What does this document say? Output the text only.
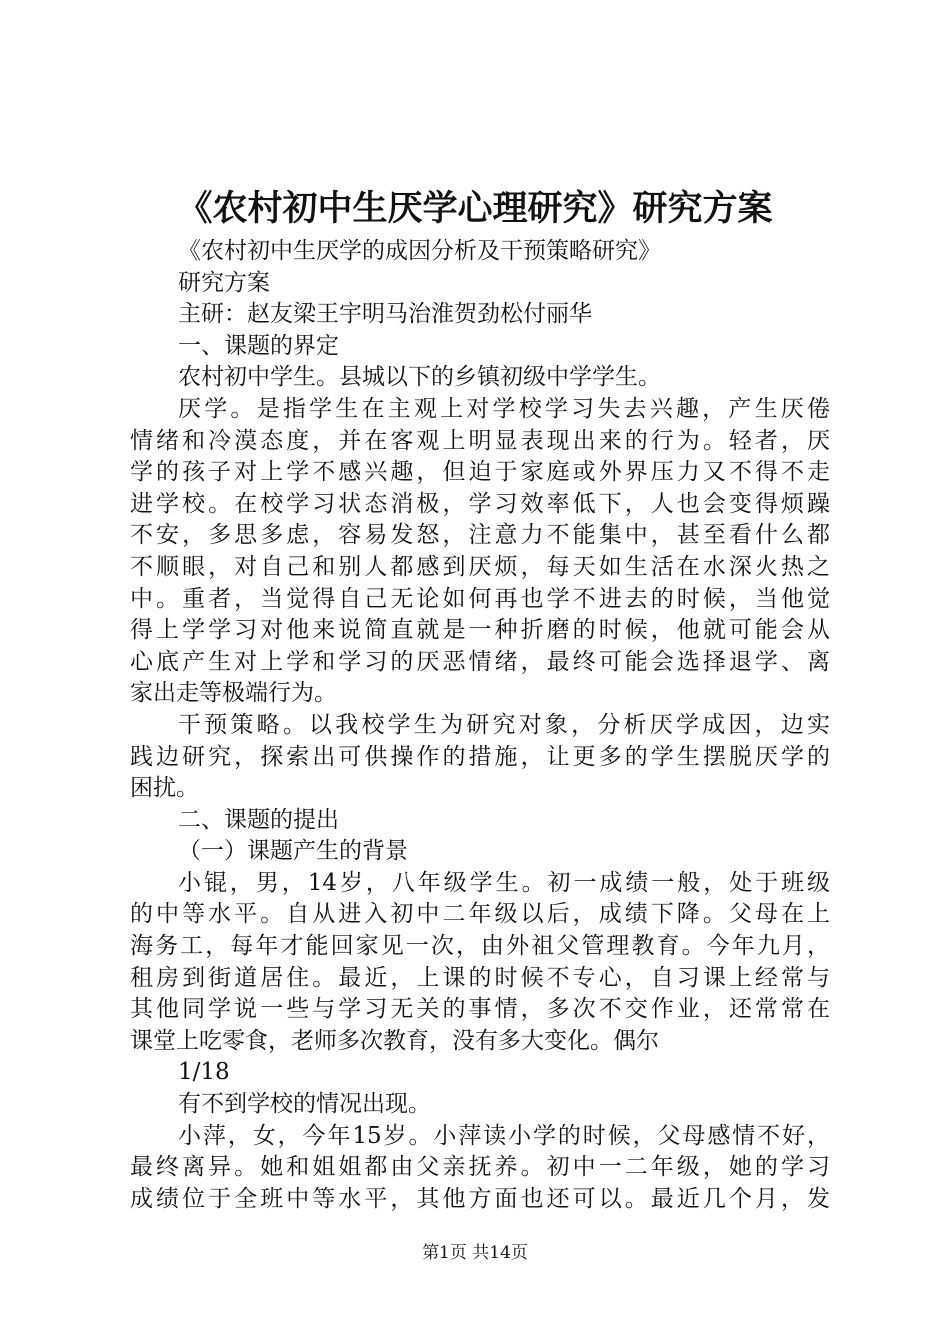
《农村初中生厌学心理研究》研究方案

《农村初中生厌学的成因分析及干预策略研究》

研究方案

主研：赵友梁王宇明马治淮贺劲松付丽华

一、课题的界定

农村初中学生。县城以下的乡镇初级中学学生。

厌学。是指学生在主观上对学校学习失去兴趣，产生厌倦

情绪和冷漠态度，并在客观上明显表现出来的行为。轻者，厌

学的孩子对上学不感兴趣，但迫于家庭或外界压力又不得不走

进学校。在校学习状态消极，学习效率低下，人也会变得烦躁

不安，多思多虑，容易发怒，注意力不能集中，甚至看什么都

不顺眼，对自己和别人都感到厌烦，每天如生活在水深火热之

中。重者，当觉得自己无论如何再也学不进去的时候，当他觉

得上学学习对他来说简直就是一种折磨的时候，他就可能会从

心底产生对上学和学习的厌恶情绪，最终可能会选择退学、离

家出走等极端行为。

干预策略。以我校学生为研究对象，分析厌学成因，边实

践边研究，探索出可供操作的措施，让更多的学生摆脱厌学的

困扰。

二、课题的提出

（一）课题产生的背景

小锟，男，14岁，八年级学生。初一成绩一般，处于班级

的中等水平。自从进入初中二年级以后，成绩下降。父母在上

海务工，每年才能回家见一次，由外祖父管理教育。今年九月，

租房到街道居住。最近，上课的时候不专心，自习课上经常与

其他同学说一些与学习无关的事情，多次不交作业，还常常在

课堂上吃零食，老师多次教育，没有多大变化。偶尔

1/18

有不到学校的情况出现。

小萍，女，今年15岁。小萍读小学的时候，父母感情不好，

最终离异。她和姐姐都由父亲抚养。初中一二年级，她的学习

成绩位于全班中等水平，其他方面也还可以。最近几个月，发

第1页 共14页
